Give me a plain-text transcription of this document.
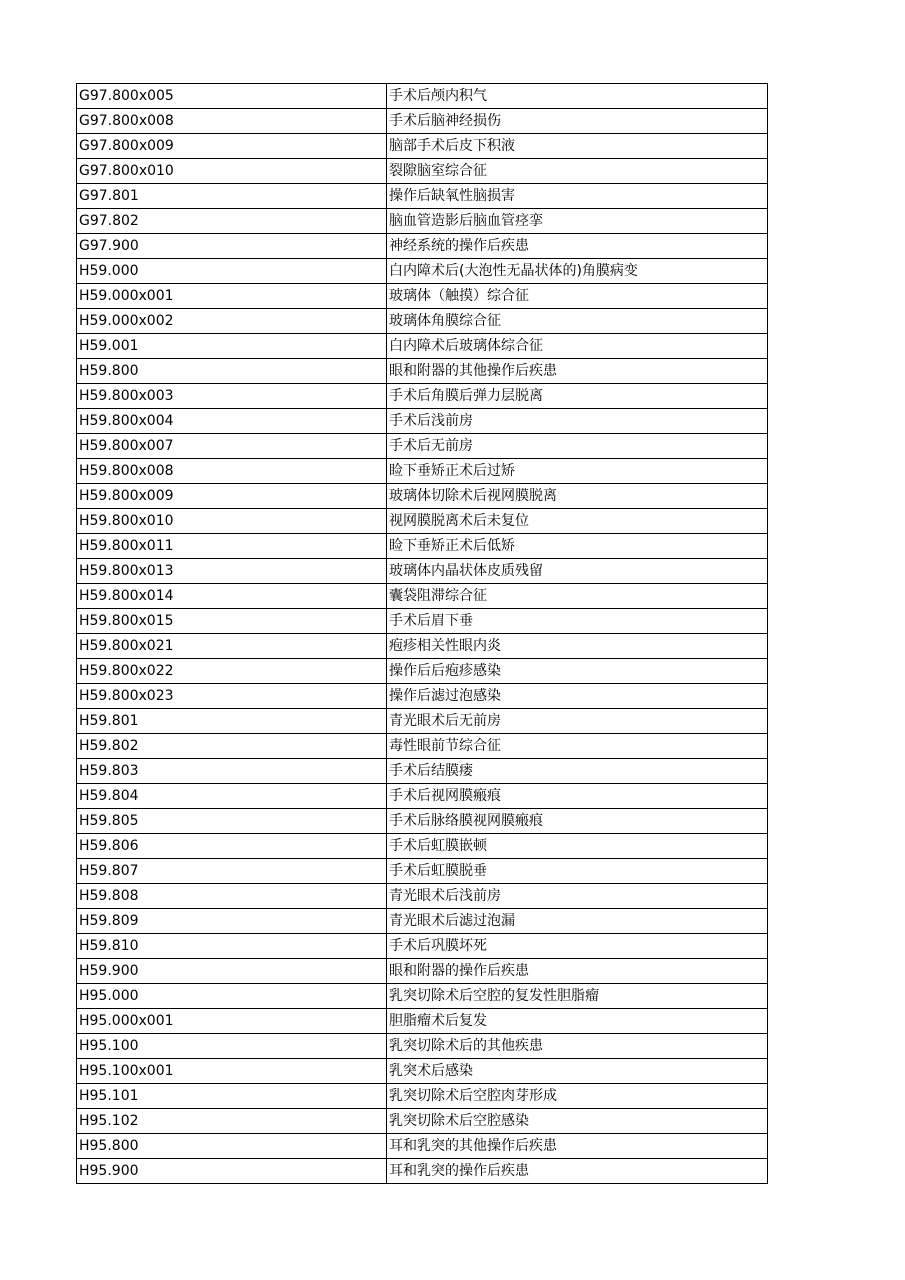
G97.800x005	手术后颅内积气
G97.800x008	手术后脑神经损伤
G97.800x009	脑部手术后皮下积液
G97.800x010	裂隙脑室综合征
G97.801	操作后缺氧性脑损害
G97.802	脑血管造影后脑血管痉挛
G97.900	神经系统的操作后疾患
H59.000	白内障术后(大泡性无晶状体的)角膜病变
H59.000x001	玻璃体（触摸）综合征
H59.000x002	玻璃体角膜综合征
H59.001	白内障术后玻璃体综合征
H59.800	眼和附器的其他操作后疾患
H59.800x003	手术后角膜后弹力层脱离
H59.800x004	手术后浅前房
H59.800x007	手术后无前房
H59.800x008	睑下垂矫正术后过矫
H59.800x009	玻璃体切除术后视网膜脱离
H59.800x010	视网膜脱离术后未复位
H59.800x011	睑下垂矫正术后低矫
H59.800x013	玻璃体内晶状体皮质残留
H59.800x014	囊袋阻滞综合征
H59.800x015	手术后眉下垂
H59.800x021	疱疹相关性眼内炎
H59.800x022	操作后后疱疹感染
H59.800x023	操作后滤过泡感染
H59.801	青光眼术后无前房
H59.802	毒性眼前节综合征
H59.803	手术后结膜瘘
H59.804	手术后视网膜瘢痕
H59.805	手术后脉络膜视网膜瘢痕
H59.806	手术后虹膜嵌顿
H59.807	手术后虹膜脱垂
H59.808	青光眼术后浅前房
H59.809	青光眼术后滤过泡漏
H59.810	手术后巩膜坏死
H59.900	眼和附器的操作后疾患
H95.000	乳突切除术后空腔的复发性胆脂瘤
H95.000x001	胆脂瘤术后复发
H95.100	乳突切除术后的其他疾患
H95.100x001	乳突术后感染
H95.101	乳突切除术后空腔肉芽形成
H95.102	乳突切除术后空腔感染
H95.800	耳和乳突的其他操作后疾患
H95.900	耳和乳突的操作后疾患
